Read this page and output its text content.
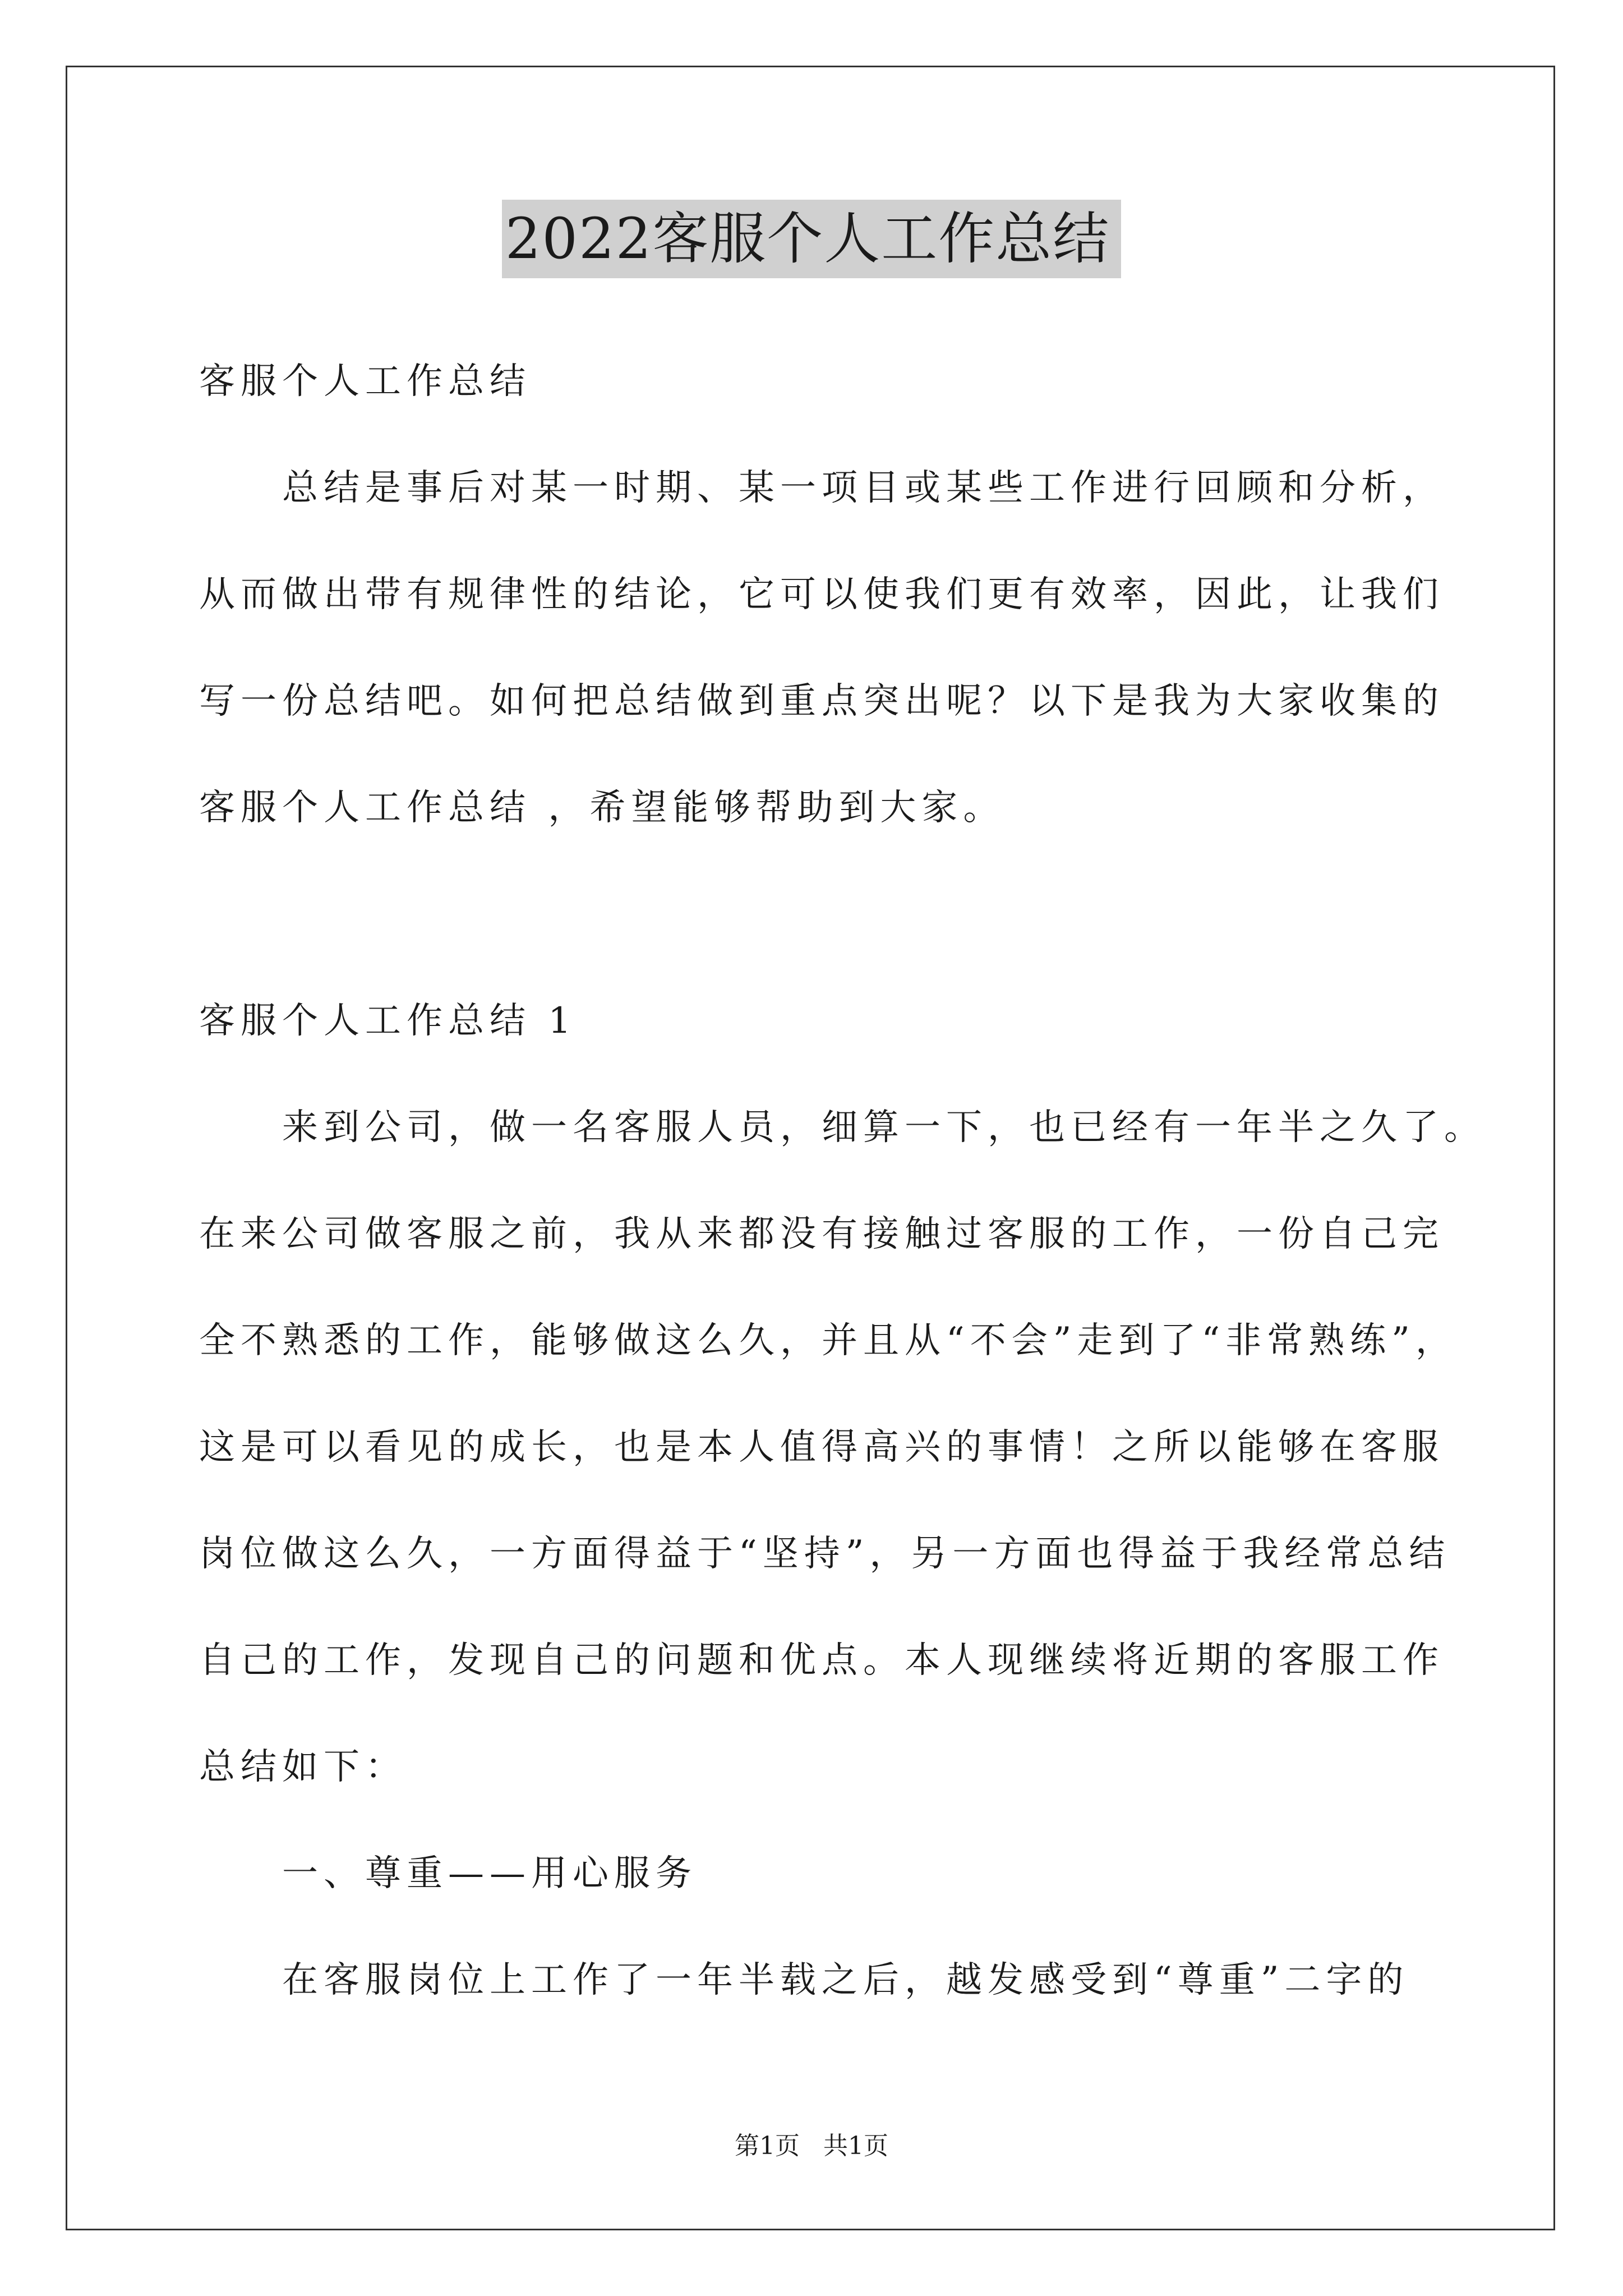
2022客服个人工作总结
客服个人工作总结
总结是事后对某一时期、某一项目或某些工作进行回顾和分析，
从而做出带有规律性的结论，它可以使我们更有效率，因此，让我们
写一份总结吧。如何把总结做到重点突出呢？以下是我为大家收集的
客服个人工作总结 ，希望能够帮助到大家。
客服个人工作总结 1
来到公司，做一名客服人员，细算一下，也已经有一年半之久了。
在来公司做客服之前，我从来都没有接触过客服的工作，一份自己完
全不熟悉的工作，能够做这么久，并且从“不会”走到了“非常熟练”，
这是可以看见的成长，也是本人值得高兴的事情！之所以能够在客服
岗位做这么久，一方面得益于“坚持”，另一方面也得益于我经常总结
自己的工作，发现自己的问题和优点。本人现继续将近期的客服工作
总结如下：
一、尊重——用心服务
在客服岗位上工作了一年半载之后，越发感受到“尊重”二字的
第1页   共1页
